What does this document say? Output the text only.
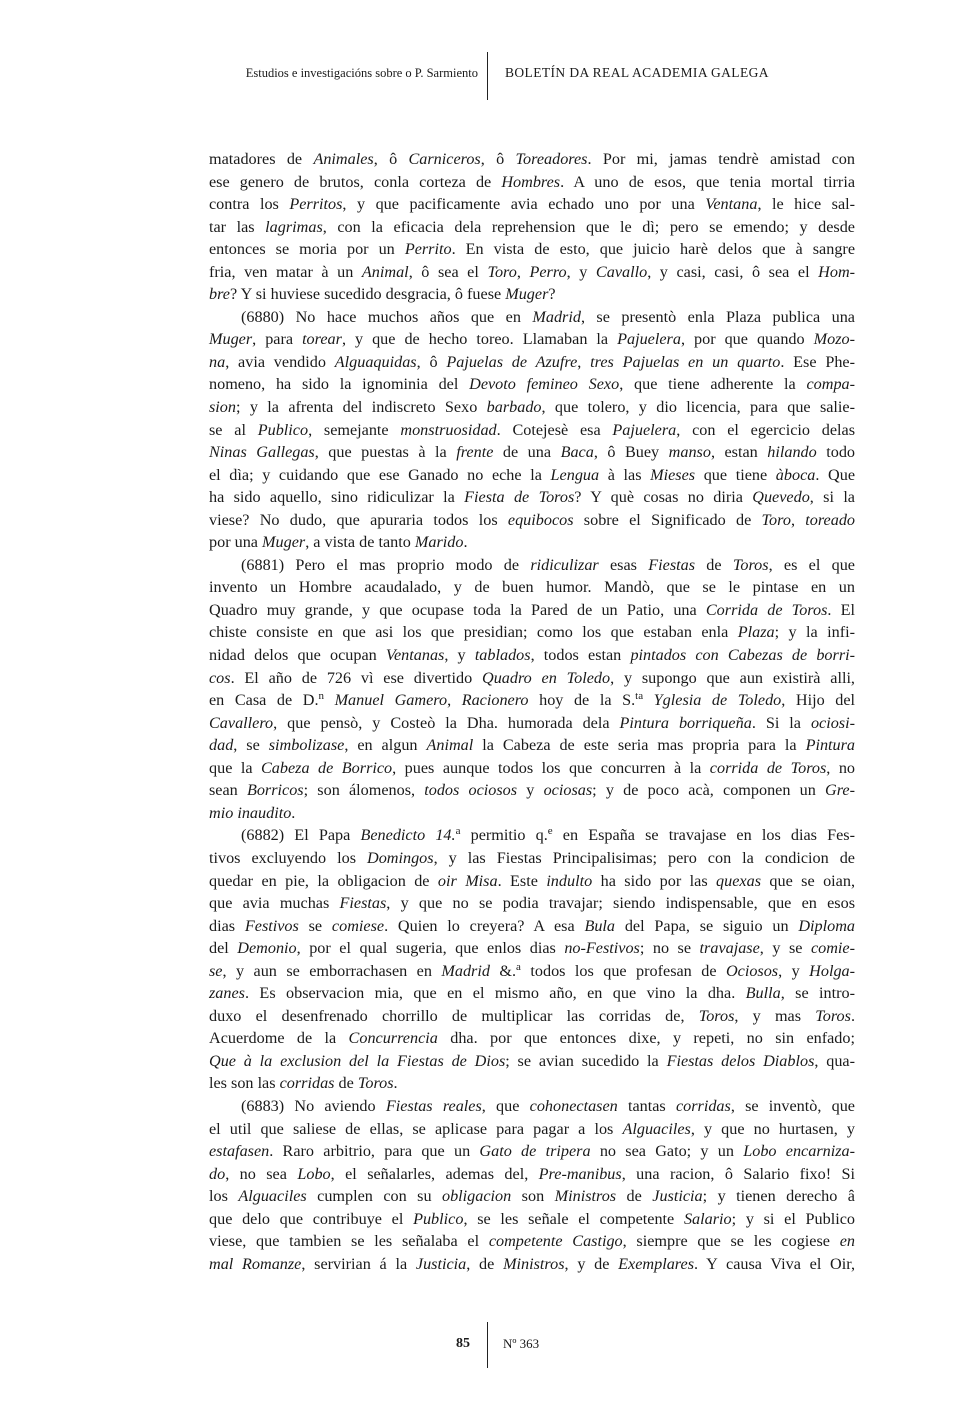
Estudios e investigacións sobre o P. Sarmiento BOLETÍN DA REAL ACADEMIA GALEGA
matadores de Animales, ô Carniceros, ô Toreadores. Por mi, jamas tendrè amistad con
ese genero de brutos, conla corteza de Hombres. A uno de esos, que tenia mortal tirria
contra los Perritos, y que pacificamente avia echado uno por una Ventana, le hice sal-
tar las lagrimas, con la eficacia dela reprehension que le dì; pero se emendo; y desde
entonces se moria por un Perrito. En vista de esto, que juicio harè delos que à sangre
fria, ven matar à un Animal, ô sea el Toro, Perro, y Cavallo, y casi, casi, ô sea el Hom-
bre? Y si huviese sucedido desgracia, ô fuese Muger?
(6880) No hace muchos años que en Madrid, se presentò enla Plaza publica una
Muger, para torear, y que de hecho toreo. Llamaban la Pajuelera, por que quando Mozo-
na, avia vendido Alguaquidas, ô Pajuelas de Azufre, tres Pajuelas en un quarto. Ese Phe-
nomeno, ha sido la ignominia del Devoto femineo Sexo, que tiene adherente la compa-
sion; y la afrenta del indiscreto Sexo barbado, que tolero, y dio licencia, para que salie-
se al Publico, semejante monstruosidad. Cotejesè esa Pajuelera, con el egercicio delas
Ninas Gallegas, que puestas à la frente de una Baca, ô Buey manso, estan hilando todo
el dìa; y cuidando que ese Ganado no eche la Lengua à las Mieses que tiene àboca. Que
ha sido aquello, sino ridiculizar la Fiesta de Toros? Y què cosas no diria Quevedo, si la
viese? No dudo, que apuraria todos los equibocos sobre el Significado de Toro, toreado
por una Muger, a vista de tanto Marido.
(6881) Pero el mas proprio modo de ridiculizar esas Fiestas de Toros, es el que
invento un Hombre acaudalado, y de buen humor. Mandò, que se le pintase en un
Quadro muy grande, y que ocupase toda la Pared de un Patio, una Corrida de Toros. El
chiste consiste en que asi los que presidian; como los que estaban enla Plaza; y la infi-
nidad delos que ocupan Ventanas, y tablados, todos estan pintados con Cabezas de borri-
cos. El año de 726 vì ese divertido Quadro en Toledo, y supongo que aun existirà alli,
en Casa de D.$^n$ Manuel Gamero, Racionero hoy de la S.$^{ta}$ Yglesia de Toledo, Hijo del
Cavallero, que pensò, y Costeò la Dha. humorada dela Pintura borriqueña. Si la ociosi-
dad, se simbolizase, en algun Animal la Cabeza de este seria mas propria para la Pintura
que la Cabeza de Borrico, pues aunque todos los que concurren à la corrida de Toros, no
sean Borricos; son álomenos, todos ociosos y ociosas; y de poco acà, componen un Gre-
mio inaudito.
(6882) El Papa Benedicto 14.$^a$ permitio q.$^e$ en España se travajase en los dias Fes-
tivos excluyendo los Domingos, y las Fiestas Principalisimas; pero con la condicion de
quedar en pie, la obligacion de oir Misa. Este indulto ha sido por las quexas que se oian,
que avia muchas Fiestas, y que no se podia travajar; siendo indispensable, que en esos
dias Festivos se comiese. Quien lo creyera? A esa Bula del Papa, se siguio un Diploma
del Demonio, por el qual sugeria, que enlos dias no-Festivos; no se travajase, y se comie-
se, y aun se emborrachasen en Madrid &.$^a$ todos los que profesan de Ociosos, y Holga-
zanes. Es observacion mia, que en el mismo año, en que vino la dha. Bulla, se intro-
duxo el desenfrenado chorrillo de multiplicar las corridas de, Toros, y mas Toros.
Acuerdome de la Concurrencia dha. por que entonces dixe, y repeti, no sin enfado;
Que à la exclusion del la Fiestas de Dios; se avian sucedido la Fiestas delos Diablos, qua-
les son las corridas de Toros.
(6883) No aviendo Fiestas reales, que cohonectasen tantas corridas, se inventò, que
el util que saliese de ellas, se aplicase para pagar a los Alguaciles, y que no hurtasen, y
estafasen. Raro arbitrio, para que un Gato de tripera no sea Gato; y un Lobo encarniza-
do, no sea Lobo, el señalarles, ademas del, Pre-manibus, una racion, ô Salario fixo! Si
los Alguaciles cumplen con su obligacion son Ministros de Justicia; y tienen derecho â
que delo que contribuye el Publico, se les señale el competente Salario; y si el Publico
viese, que tambien se les señalaba el competente Castigo, siempre que se les cogiese en
mal Romanze, servirian á la Justicia, de Ministros, y de Exemplares. Y causa Viva el Oir,
85	Nº 363
